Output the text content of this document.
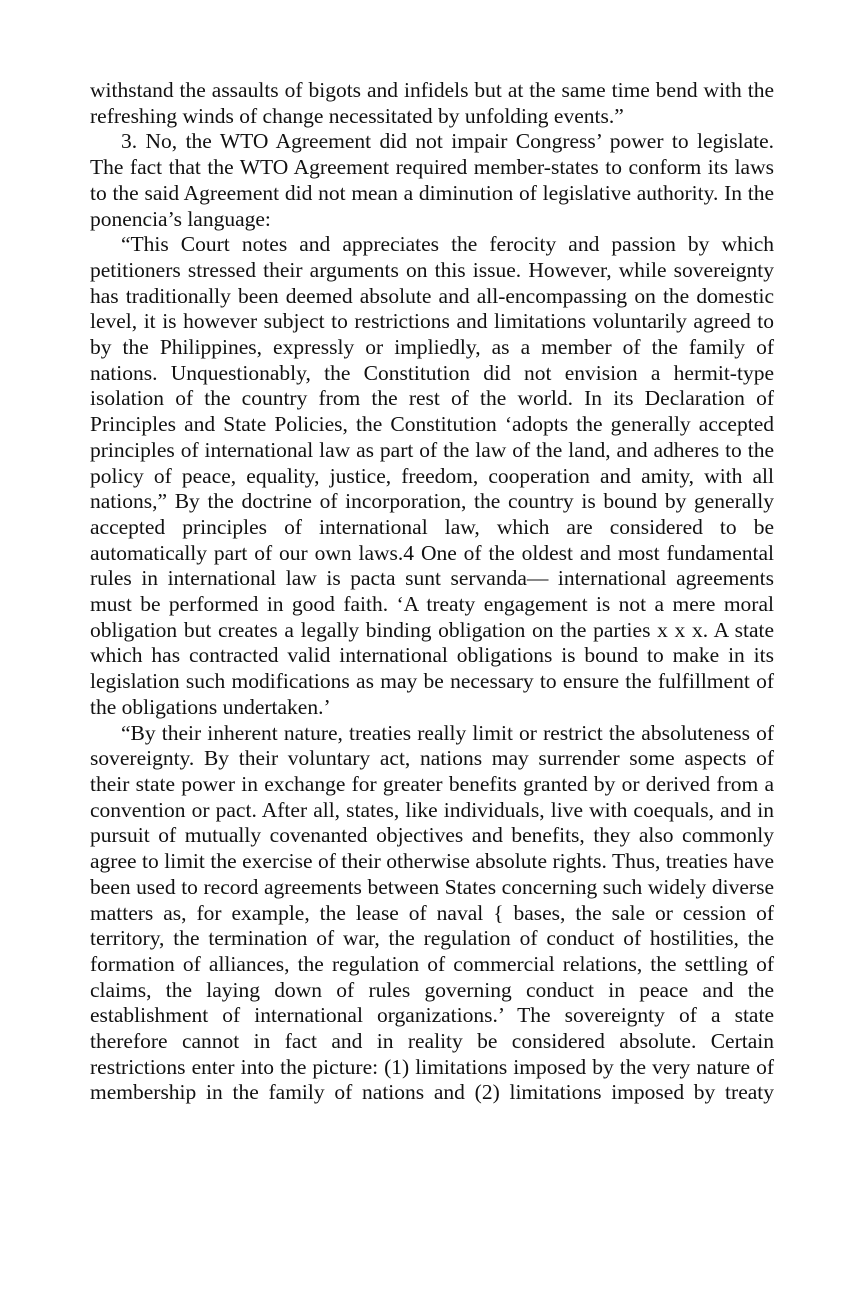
withstand the assaults of bigots and infidels but at the same time bend with the refreshing winds of change necessitated by unfolding events.”

3. No, the WTO Agreement did not impair Congress’ power to legislate. The fact that the WTO Agreement required member-states to conform its laws to the said Agreement did not mean a diminution of legislative authority. In the ponencia’s language:

“This Court notes and appreciates the ferocity and passion by which petitioners stressed their arguments on this issue. However, while sovereignty has traditionally been deemed absolute and all-encompassing on the domestic level, it is however subject to restrictions and limitations voluntarily agreed to by the Philippines, expressly or impliedly, as a member of the family of nations. Unquestionably, the Constitution did not envision a hermit-type isolation of the country from the rest of the world. In its Declaration of Principles and State Policies, the Constitution ‘adopts the generally accepted principles of international law as part of the law of the land, and adheres to the policy of peace, equality, justice, freedom, cooperation and amity, with all nations,” By the doctrine of incorporation, the country is bound by generally accepted principles of international law, which are considered to be automatically part of our own laws.4 One of the oldest and most fundamental rules in international law is pacta sunt servanda— international agreements must be performed in good faith. ‘A treaty engagement is not a mere moral obligation but creates a legally binding obligation on the parties x x x. A state which has contracted valid international obligations is bound to make in its legislation such modifications as may be necessary to ensure the fulfillment of the obligations undertaken.’

“By their inherent nature, treaties really limit or restrict the absoluteness of sovereignty. By their voluntary act, nations may surrender some aspects of their state power in exchange for greater benefits granted by or derived from a convention or pact. After all, states, like individuals, live with coequals, and in pursuit of mutually covenanted objectives and benefits, they also commonly agree to limit the exercise of their otherwise absolute rights. Thus, treaties have been used to record agreements between States concerning such widely diverse matters as, for example, the lease of naval { bases, the sale or cession of territory, the termination of war, the regulation of conduct of hostilities, the formation of alliances, the regulation of commercial relations, the settling of claims, the laying down of rules governing conduct in peace and the establishment of international organizations.’ The sovereignty of a state therefore cannot in fact and in reality be considered absolute. Certain restrictions enter into the picture: (1) limitations imposed by the very nature of membership in the family of nations and (2) limitations imposed by treaty
